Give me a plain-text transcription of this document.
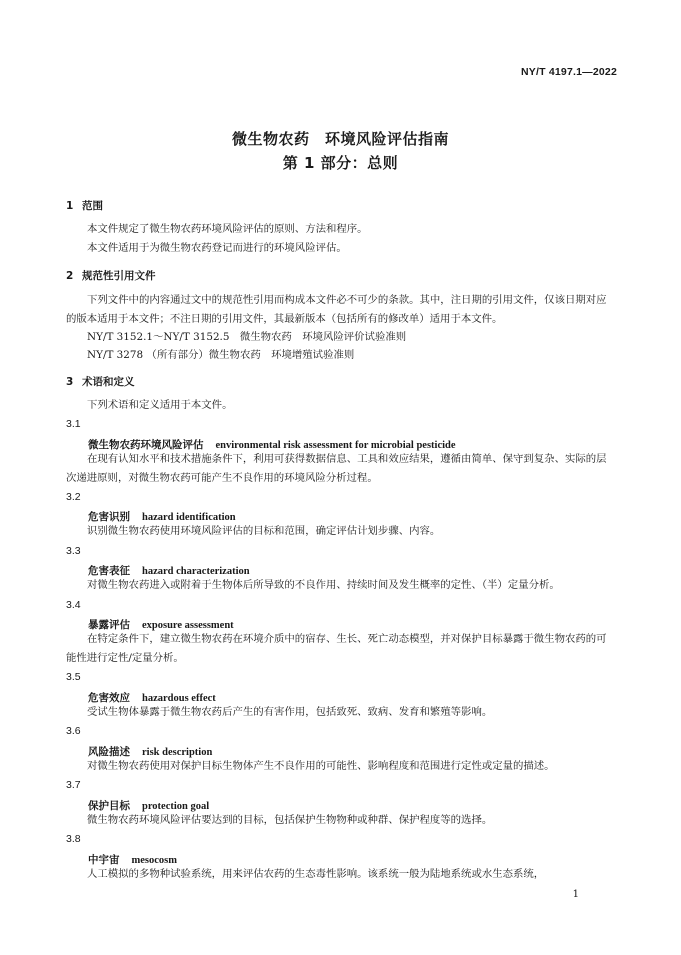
NY/T 4197.1—2022
微生物农药　环境风险评估指南
第 1 部分：总则
1 范围
本文件规定了微生物农药环境风险评估的原则、方法和程序。
本文件适用于为微生物农药登记而进行的环境风险评估。
2 规范性引用文件
下列文件中的内容通过文中的规范性引用而构成本文件必不可少的条款。其中，注日期的引用文件，仅该日期对应的版本适用于本文件；不注日期的引用文件，其最新版本（包括所有的修改单）适用于本文件。
NY/T 3152.1～NY/T 3152.5　微生物农药　环境风险评价试验准则
NY/T 3278 （所有部分）微生物农药　环境增殖试验准则
3 术语和定义
下列术语和定义适用于本文件。
3.1
微生物农药环境风险评估 environmental risk assessment for microbial pesticide
在现有认知水平和技术措施条件下，利用可获得数据信息、工具和效应结果，遵循由简单、保守到复杂、实际的层次递进原则，对微生物农药可能产生不良作用的环境风险分析过程。
3.2
危害识别 hazard identification
识别微生物农药使用环境风险评估的目标和范围，确定评估计划步骤、内容。
3.3
危害表征 hazard characterization
对微生物农药进入或附着于生物体后所导致的不良作用、持续时间及发生概率的定性、（半）定量分析。
3.4
暴露评估 exposure assessment
在特定条件下，建立微生物农药在环境介质中的宿存、生长、死亡动态模型，并对保护目标暴露于微生物农药的可能性进行定性/定量分析。
3.5
危害效应 hazardous effect
受试生物体暴露于微生物农药后产生的有害作用，包括致死、致病、发育和繁殖等影响。
3.6
风险描述 risk description
对微生物农药使用对保护目标生物体产生不良作用的可能性、影响程度和范围进行定性或定量的描述。
3.7
保护目标 protection goal
微生物农药环境风险评估要达到的目标，包括保护生物物种或种群、保护程度等的选择。
3.8
中宇宙 mesocosm
人工模拟的多物种试验系统，用来评估农药的生态毒性影响。该系统一般为陆地系统或水生态系统，
1
